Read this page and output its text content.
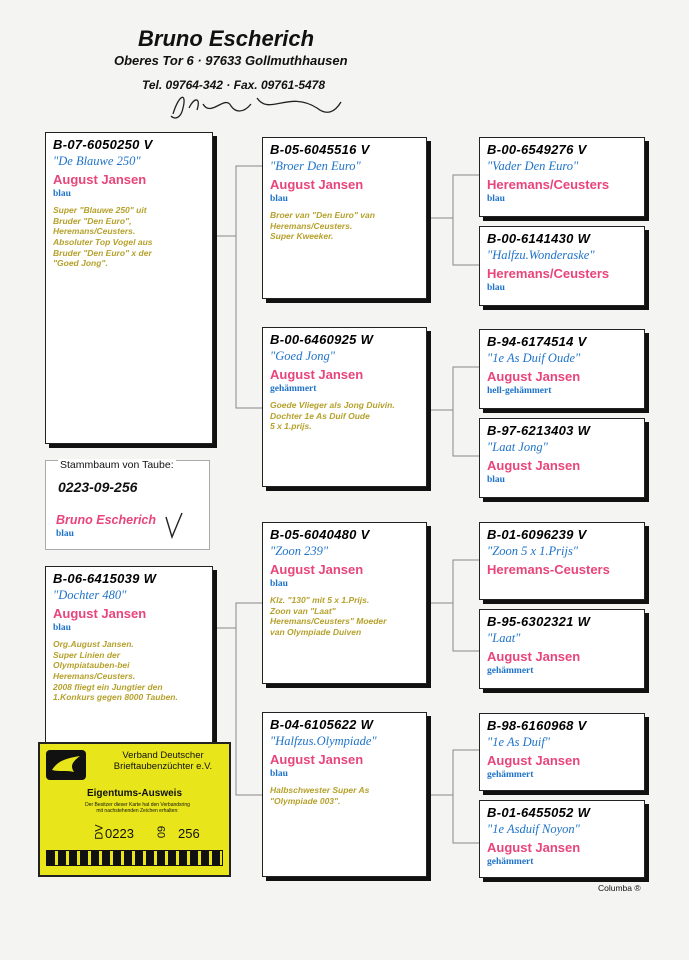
Bruno Escherich
Oberes Tor 6 · 97633 Gollmuthhausen
Tel. 09764-342 · Fax. 09761-5478
B-07-6050250 V
"De Blauwe 250"
August Jansen
blau
Super "Blauwe 250" uit
Bruder "Den Euro",
Heremans/Ceusters.
Absoluter Top Vogel aus
Bruder "Den Euro" x der
"Goed Jong".
Stammbaum von Taube:
0223-09-256
Bruno Escherich
blau
B-06-6415039 W
"Dochter 480"
August Jansen
blau
Org.August Jansen.
Super Linien der
Olympiatauben-bei
Heremans/Ceusters.
2008 fliegt ein Jungtier den
1.Konkurs gegen 8000 Tauben.
B-05-6045516 V
"Broer Den Euro"
August Jansen
blau
Broer van "Den Euro" van
Heremans/Ceusters.
Super Kweeker.
B-00-6460925 W
"Goed Jong"
August Jansen
gehämmert
Goede Vlieger als Jong Duivin.
Dochter 1e As Duif Oude
5 x 1.prijs.
B-05-6040480 V
"Zoon 239"
August Jansen
blau
Klz. "130" mit 5 x 1.Prijs.
Zoon van "Laat"
Heremans/Ceusters" Moeder
van Olympiade Duiven
B-04-6105622 W
"Halfzus.Olympiade"
August Jansen
blau
Halbschwester Super As
"Olympiade 003".
B-00-6549276 V
"Vader Den Euro"
Heremans/Ceusters
blau
B-00-6141430 W
"Halfzu.Wonderaske"
Heremans/Ceusters
blau
B-94-6174514 V
"1e As Duif Oude"
August Jansen
hell-gehämmert
B-97-6213403 W
"Laat Jong"
August Jansen
blau
B-01-6096239 V
"Zoon 5 x 1.Prijs"
Heremans-Ceusters
B-95-6302321 W
"Laat"
August Jansen
gehämmert
B-98-6160968 V
"1e As Duif"
August Jansen
gehämmert
B-01-6455052 W
"1e Asduif Noyon"
August Jansen
gehämmert
Verband Deutscher
Brieftaubenzüchter e.V.
Eigentums-Ausweis
Der Besitzer dieser Karte hat den Verbandsring
mit nachstehenden Zeichen erhalten:
DV 0223 09 256
Columba ®
